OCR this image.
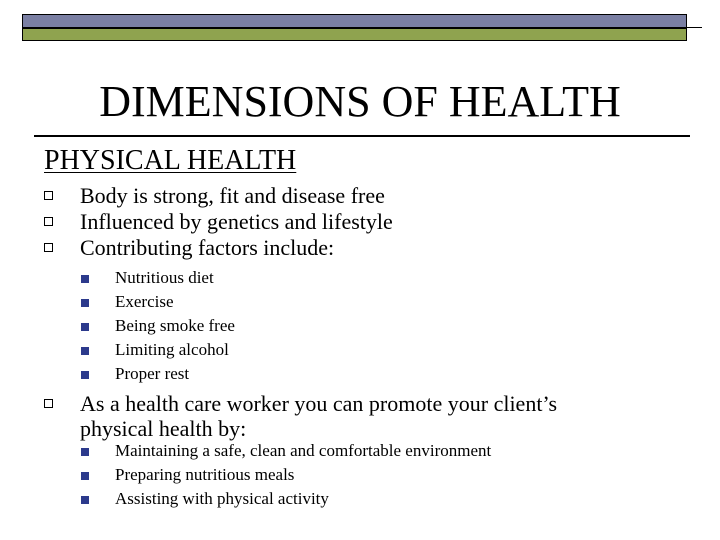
DIMENSIONS OF HEALTH
PHYSICAL HEALTH
Body is strong, fit and disease free
Influenced by genetics and lifestyle
Contributing factors include:
Nutritious diet
Exercise
Being smoke free
Limiting alcohol
Proper rest
As a health care worker you can promote your client’s
physical health by:
Maintaining a safe, clean and comfortable environment
Preparing nutritious meals
Assisting with physical activity
